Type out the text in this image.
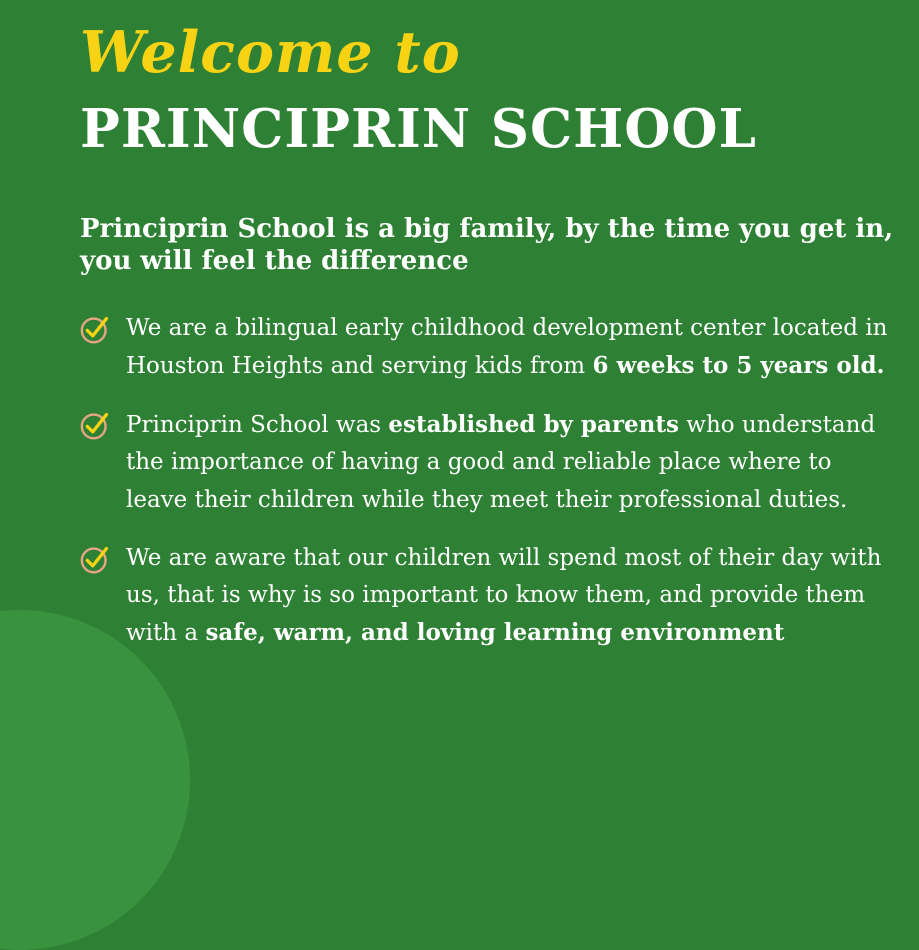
Welcome to
PRINCIPRIN SCHOOL

Principrin School is a big family, by the time you get in,
you will feel the difference

We are a bilingual early childhood development center located in Houston Heights and serving kids from 6 weeks to 5 years old.
Principrin School was established by parents who understand the importance of having a good and reliable place where to leave their children while they meet their professional duties.
We are aware that our children will spend most of their day with us, that is why is so important to know them, and provide them with a safe, warm, and loving learning environment
